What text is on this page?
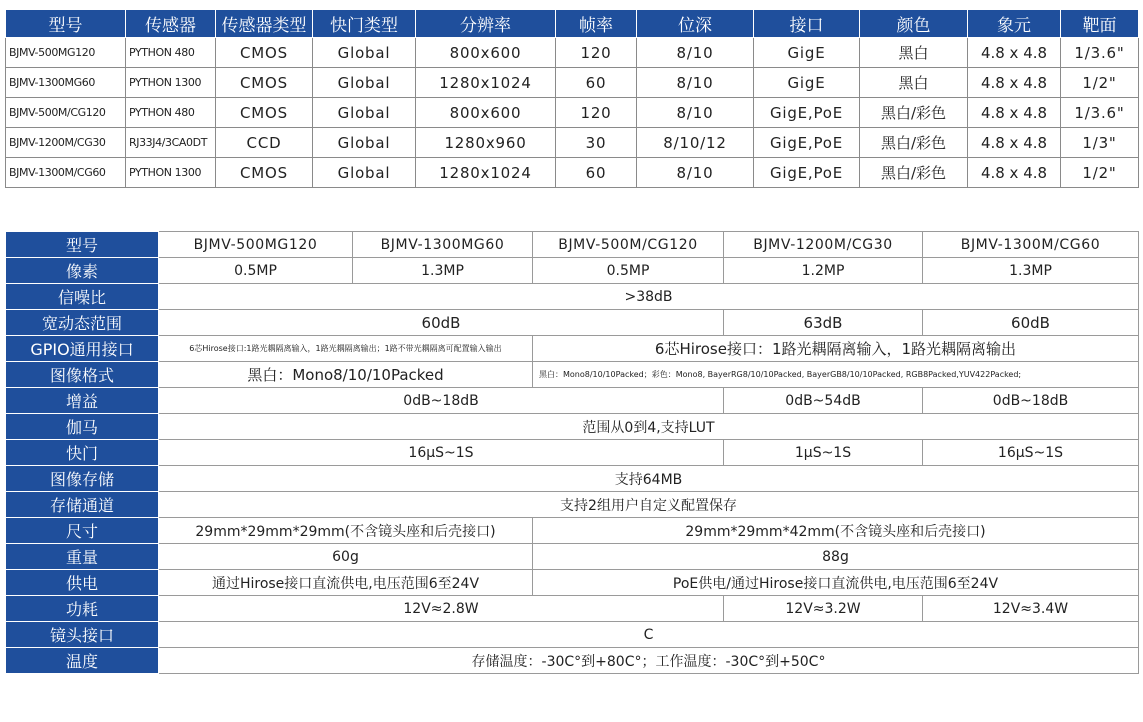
型号	传感器	传感器类型	快门类型	分辨率	帧率	位深	接口	颜色	象元	靶面
BJMV-500MG120	PYTHON 480	CMOS	Global	800x600	120	8/10	GigE	黑白	4.8 x 4.8	1/3.6"
BJMV-1300MG60	PYTHON 1300	CMOS	Global	1280x1024	60	8/10	GigE	黑白	4.8 x 4.8	1/2"
BJMV-500M/CG120	PYTHON 480	CMOS	Global	800x600	120	8/10	GigE,PoE	黑白/彩色	4.8 x 4.8	1/3.6"
BJMV-1200M/CG30	RJ33J4/3CA0DT	CCD	Global	1280x960	30	8/10/12	GigE,PoE	黑白/彩色	4.8 x 4.8	1/3"
BJMV-1300M/CG60	PYTHON 1300	CMOS	Global	1280x1024	60	8/10	GigE,PoE	黑白/彩色	4.8 x 4.8	1/2"
型号	BJMV-500MG120	BJMV-1300MG60	BJMV-500M/CG120	BJMV-1200M/CG30	BJMV-1300M/CG60
像素	0.5MP	1.3MP	0.5MP	1.2MP	1.3MP
信噪比	>38dB				
宽动态范围	60dB			63dB	60dB
GPIO通用接口	6芯Hirose接口:1路光耦隔离输入，1路光耦隔离输出；1路不带光耦隔离可配置输入输出		6芯Hirose接口：1路光耦隔离输入，1路光耦隔离输出		
图像格式	黑白：Mono8/10/10Packed		黑白：Mono8/10/10Packed；彩色：Mono8, BayerRG8/10/10Packed, BayerGB8/10/10Packed, RGB8Packed,YUV422Packed;		
增益	0dB~18dB			0dB~54dB	0dB~18dB
伽马	范围从0到4,支持LUT				
快门	16μS~1S			1μS~1S	16μS~1S
图像存储	支持64MB				
存储通道	支持2组用户自定义配置保存				
尺寸	29mm*29mm*29mm(不含镜头座和后壳接口)		29mm*29mm*42mm(不含镜头座和后壳接口)		
重量	60g		88g		
供电	通过Hirose接口直流供电,电压范围6至24V		PoE供电/通过Hirose接口直流供电,电压范围6至24V		
功耗	12V≈2.8W			12V≈3.2W	12V≈3.4W
镜头接口	C				
温度	存储温度：-30C°到+80C°；工作温度：-30C°到+50C°				
